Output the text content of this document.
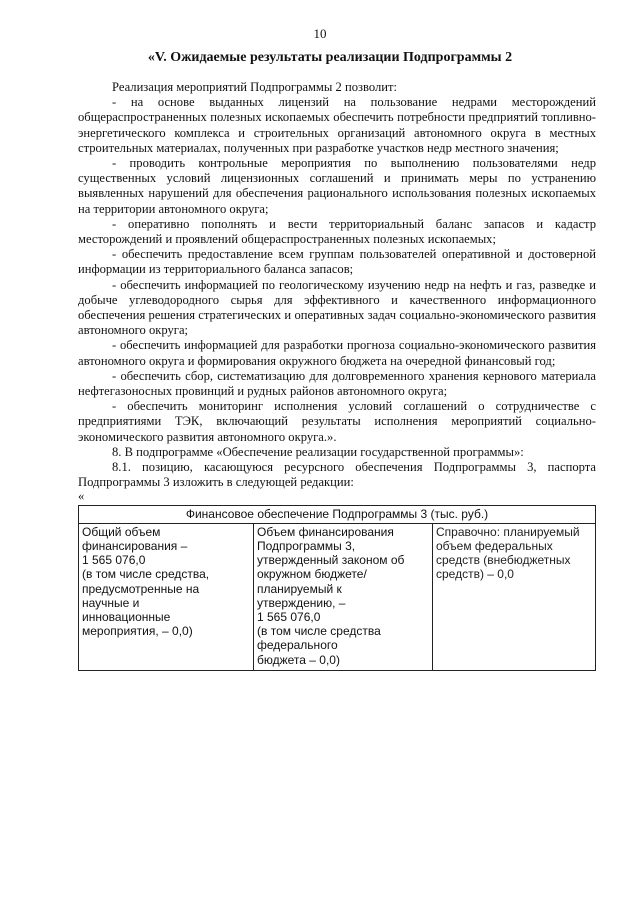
10
«V. Ожидаемые результаты реализации Подпрограммы 2

Реализация мероприятий Подпрограммы 2 позволит:

- на основе выданных лицензий на пользование недрами месторождений общераспространенных полезных ископаемых обеспечить потребности предприятий топливно-энергетического комплекса и строительных организаций автономного округа в местных строительных материалах, полученных при разработке участков недр местного значения;

- проводить контрольные мероприятия по выполнению пользователями недр существенных условий лицензионных соглашений и принимать меры по устранению выявленных нарушений для обеспечения рационального использования полезных ископаемых на территории автономного округа;

- оперативно пополнять и вести территориальный баланс запасов и кадастр месторождений и проявлений общераспространенных полезных ископаемых;

- обеспечить предоставление всем группам пользователей оперативной и достоверной информации из территориального баланса запасов;

- обеспечить информацией по геологическому изучению недр на нефть и газ, разведке и добыче углеводородного сырья для эффективного и качественного информационного обеспечения решения стратегических и оперативных задач социально-экономического развития автономного округа;

- обеспечить информацией для разработки прогноза социально-экономического развития автономного округа и формирования окружного бюджета на очередной финансовый год;

- обеспечить сбор, систематизацию для долговременного хранения кернового материала нефтегазоносных провинций и рудных районов автономного округа;

- обеспечить мониторинг исполнения условий соглашений о сотрудничестве с предприятиями ТЭК, включающий результаты исполнения мероприятий социально-экономического развития автономного округа.».

8. В подпрограмме «Обеспечение реализации государственной программы»:

8.1. позицию, касающуюся ресурсного обеспечения Подпрограммы 3, паспорта Подпрограммы 3 изложить в следующей редакции:

«
Финансовое обеспечение Подпрограммы 3 (тыс. руб.)

Общий объем
финансирования –
1 565 076,0
(в том числе средства,
предусмотренные на
научные и
инновационные
мероприятия, – 0,0)

Объем финансирования
Подпрограммы 3,
утвержденный законом об
окружном бюджете/
планируемый к
утверждению, –
1 565 076,0
(в том числе средства
федерального
бюджета – 0,0)

Справочно: планируемый
объем федеральных
средств (внебюджетных
средств) – 0,0
